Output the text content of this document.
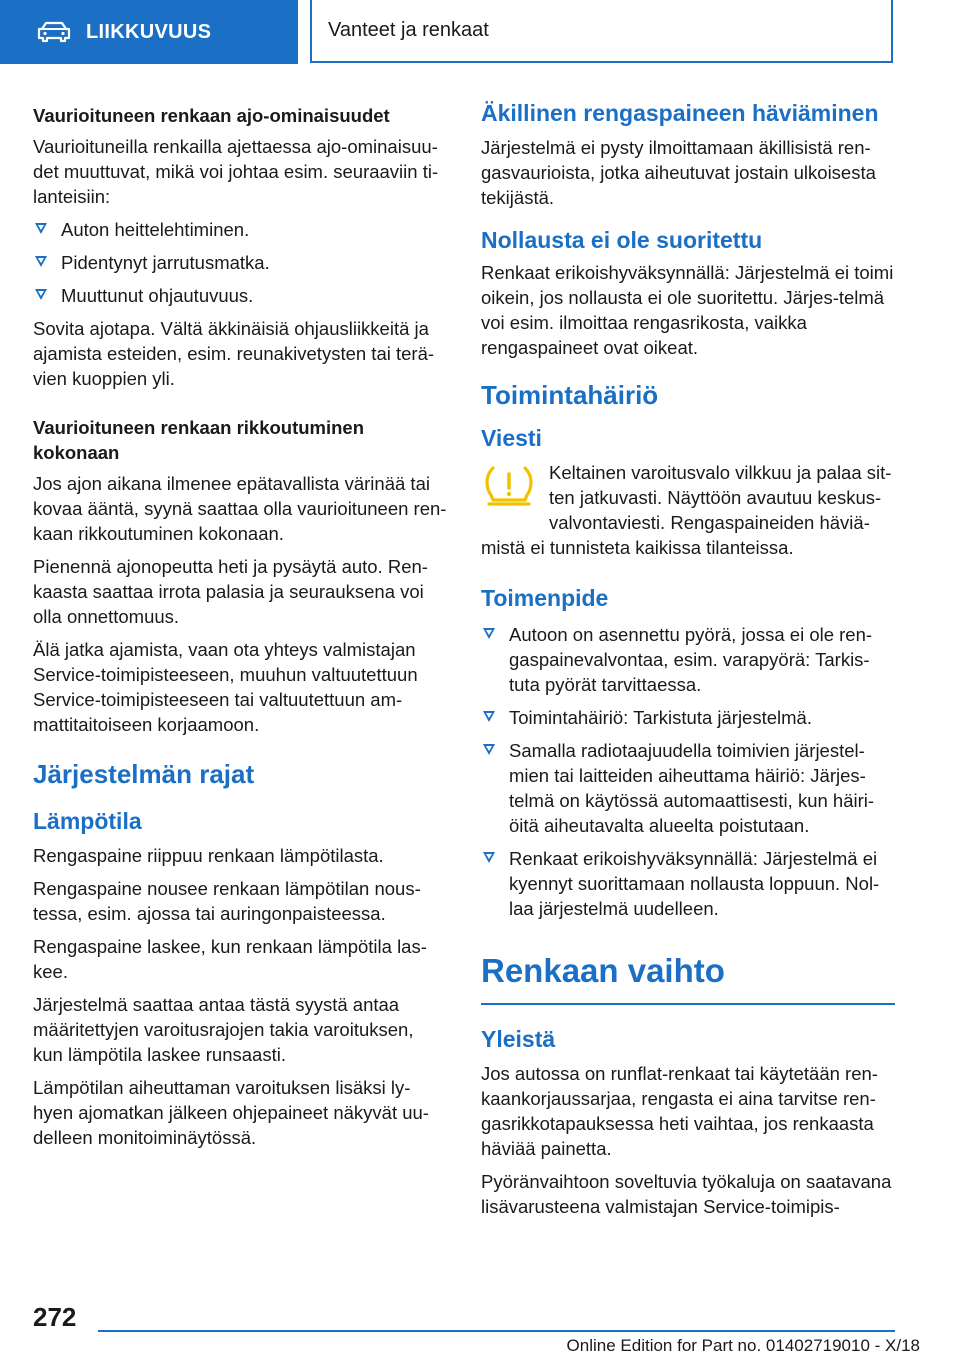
LIIKKUVUUS	Vanteet ja renkaat
Vaurioituneen renkaan ajo-ominaisuudet

Vaurioituneilla renkailla ajettaessa ajo-ominaisuu-det muuttuvat, mikä voi johtaa esim. seuraaviin ti-lanteisiin:

Auton heittelehtiminen.
Pidentynyt jarrutusmatka.
Muuttunut ohjautuvuus.

Sovita ajotapa. Vältä äkkinäisiä ohjausliikkeitä ja ajamista esteiden, esim. reunakivetysten tai terä-vien kuoppien yli.

Vaurioituneen renkaan rikkoutuminen kokonaan

Jos ajon aikana ilmenee epätavallista värinää tai kovaa ääntä, syynä saattaa olla vaurioituneen ren-kaan rikkoutuminen kokonaan.

Pienennä ajonopeutta heti ja pysäytä auto. Ren-kaasta saattaa irrota palasia ja seurauksena voi olla onnettomuus.

Älä jatka ajamista, vaan ota yhteys valmistajan Service-toimipisteeseen, muuhun valtuutettuun Service-toimipisteeseen tai valtuutettuun am-mattitaitoiseen korjaamoon.

Järjestelmän rajat
Lämpötila

Rengaspaine riippuu renkaan lämpötilasta.

Rengaspaine nousee renkaan lämpötilan nous-tessa, esim. ajossa tai auringonpaisteessa.

Rengaspaine laskee, kun renkaan lämpötila las-kee.

Järjestelmä saattaa antaa tästä syystä antaa määritettyjen varoitusrajojen takia varoituksen, kun lämpötila laskee runsaasti.

Lämpötilan aiheuttaman varoituksen lisäksi ly-hyen ajomatkan jälkeen ohjepaineet näkyvät uu-delleen monitoiminäytössä.

Äkillinen rengaspaineen häviäminen

Järjestelmä ei pysty ilmoittamaan äkillisistä ren-gasvaurioista, jotka aiheutuvat jostain ulkoisesta tekijästä.

Nollausta ei ole suoritettu

Renkaat erikoishyväksynnällä: Järjestelmä ei toimi oikein, jos nollausta ei ole suoritettu. Järjes-telmä voi esim. ilmoittaa rengasrikosta, vaikka rengaspaineet ovat oikeat.

Toimintahäiriö
Viesti

Keltainen varoitusvalo vilkkuu ja palaa sit-ten jatkuvasti. Näyttöön avautuu keskus-valvontaviesti. Rengaspaineiden häviä-mistä ei tunnisteta kaikissa tilanteissa.

Toimenpide
Autoon on asennettu pyörä, jossa ei ole ren-gaspainevalvontaa, esim. varapyörä: Tarkis-tuta pyörät tarvittaessa.
Toimintahäiriö: Tarkistuta järjestelmä.
Samalla radiotaajuudella toimivien järjestel-mien tai laitteiden aiheuttama häiriö: Järjes-telmä on käytössä automaattisesti, kun häiri-öitä aiheutavalta alueelta poistutaan.
Renkaat erikoishyväksynnällä: Järjestelmä ei kyennyt suorittamaan nollausta loppuun. Nol-laa järjestelmä uudelleen.
Renkaan vaihto
Yleistä

Jos autossa on runflat-renkaat tai käytetään ren-kaankorjaussarjaa, rengasta ei aina tarvitse ren-gasrikkotapauksessa heti vaihtaa, jos renkaasta häviää painetta.

Pyöränvaihtoon soveltuvia työkaluja on saatavana lisävarusteena valmistajan Service-toimipis-

272
Online Edition for Part no. 01402719010 - X/18
